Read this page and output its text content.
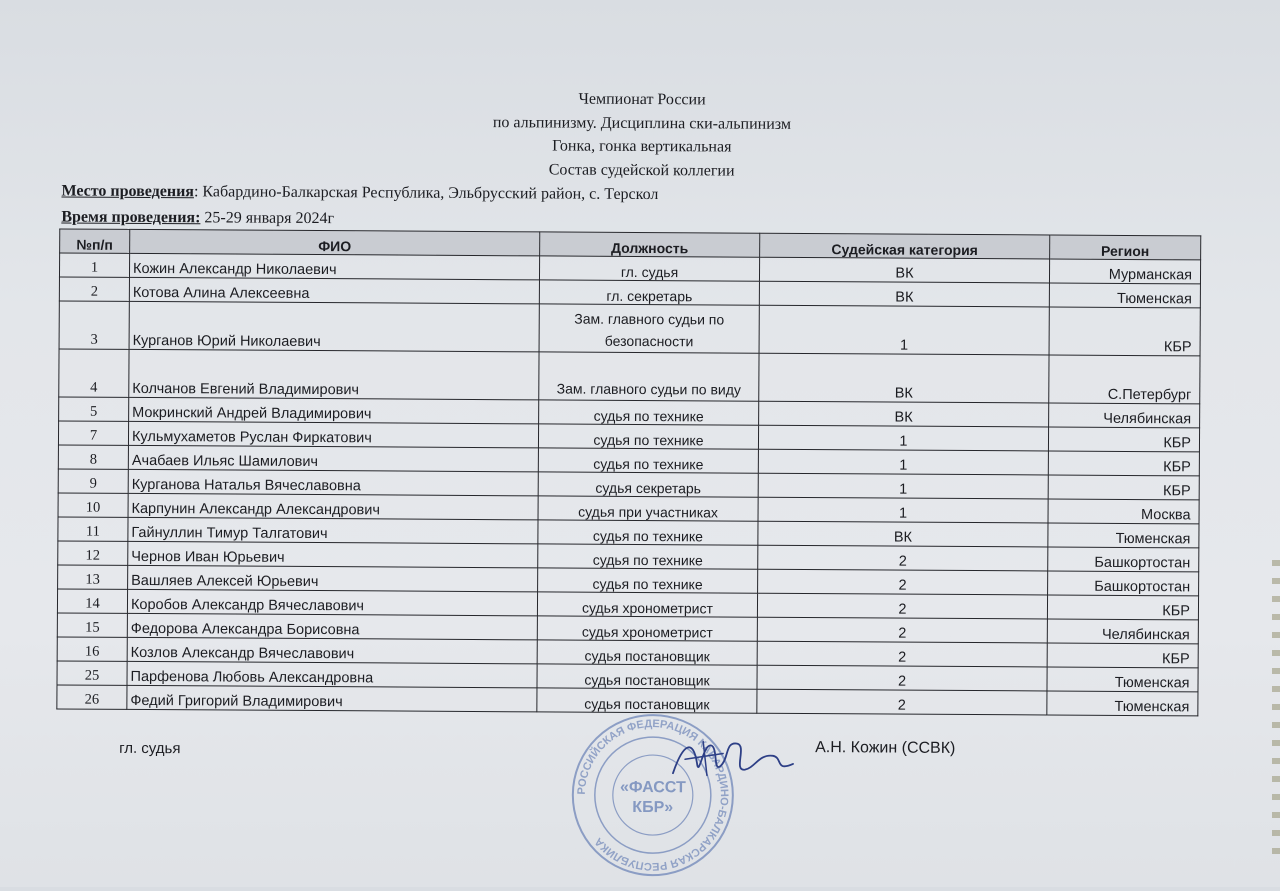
Чемпионат России
по альпинизму. Дисциплина ски-альпинизм
Гонка, гонка вертикальная
Состав судейской коллегии
Место проведения: Кабардино-Балкарская Республика, Эльбрусский район, с. Терскол
Время проведения: 25-29 января 2024г
№п/п	ФИО	Должность	Судейская категория	Регион
1	Кожин Александр Николаевич	гл. судья	ВК	Мурманская
2	Котова Алина Алексеевна	гл. секретарь	ВК	Тюменская
3	Курганов Юрий Николаевич	Зам. главного судьи по безопасности	1	КБР
4	Колчанов Евгений Владимирович	Зам. главного судьи по виду	ВК	С.Петербург
5	Мокринский Андрей Владимирович	судья по технике	ВК	Челябинская
7	Кульмухаметов Руслан Фиркатович	судья по технике	1	КБР
8	Ачабаев Ильяс Шамилович	судья по технике	1	КБР
9	Курганова Наталья Вячеславовна	судья секретарь	1	КБР
10	Карпунин Александр Александрович	судья при участниках	1	Москва
11	Гайнуллин Тимур Талгатович	судья по технике	ВК	Тюменская
12	Чернов Иван Юрьевич	судья по технике	2	Башкортостан
13	Вашляев Алексей Юрьевич	судья по технике	2	Башкортостан
14	Коробов Александр Вячеславович	судья хронометрист	2	КБР
15	Федорова Александра Борисовна	судья хронометрист	2	Челябинская
16	Козлов Александр Вячеславович	судья постановщик	2	КБР
25	Парфенова Любовь Александровна	судья постановщик	2	Тюменская
26	Федий Григорий Владимирович	судья постановщик	2	Тюменская
гл. судья
РОССИЙСКАЯ ФЕДЕРАЦИЯ КАБАРДИНО-БАЛКАРСКАЯ РЕСПУБЛИКА
«ФАССТ
КБР»
А.Н. Кожин (ССВК)
